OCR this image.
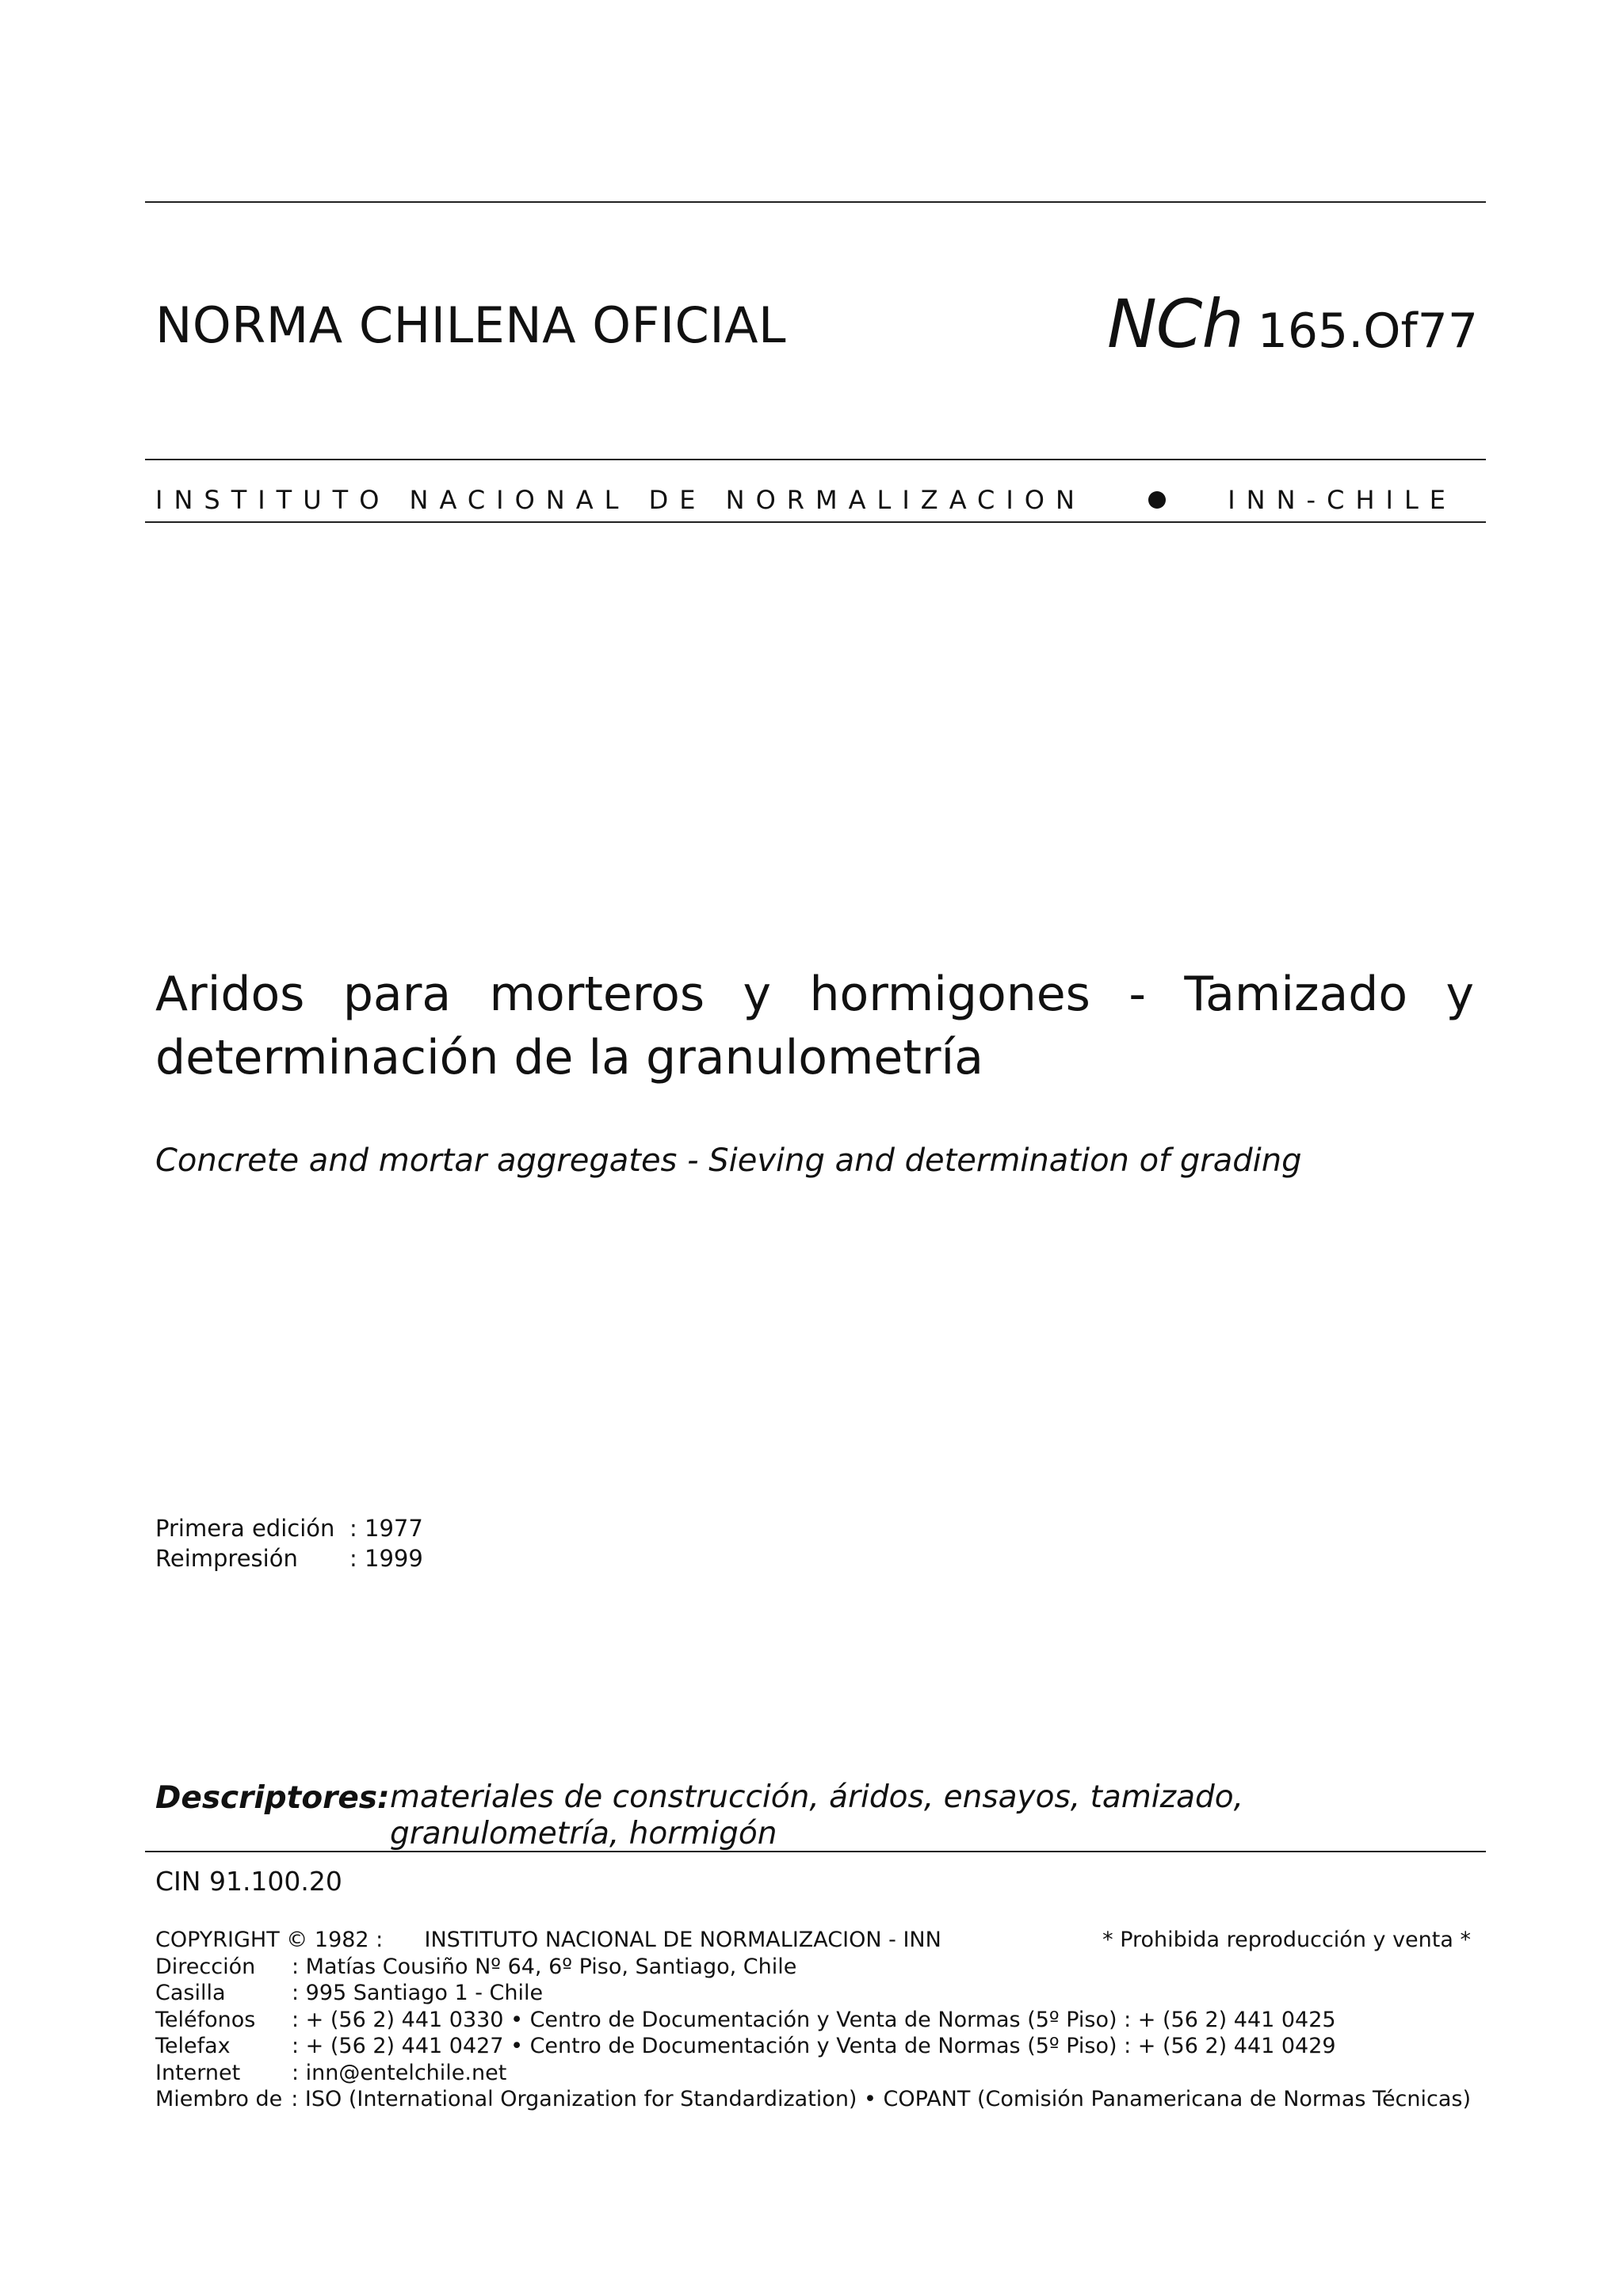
NORMA CHILENA OFICIAL	NCh 165.Of77
INSTITUTO NACIONAL DE NORMALIZACION	INN-CHILE
Aridos para morteros y hormigones - Tamizado y
determinación de la granulometría
Concrete and mortar aggregates - Sieving and determination of grading
Primera edición : 1977
Reimpresión	: 1999
Descriptores: materiales de construcción, áridos, ensayos, tamizado, granulometría, hormigón
CIN 91.100.20
COPYRIGHT © 1982 :	INSTITUTO NACIONAL DE NORMALIZACION - INN	* Prohibida reproducción y venta *
Dirección	: Matías Cousiño Nº 64, 6º Piso, Santiago, Chile
Casilla	: 995 Santiago 1 - Chile
Teléfonos	: + (56 2) 441 0330 • Centro de Documentación y Venta de Normas (5º Piso) : + (56 2) 441 0425
Telefax	: + (56 2) 441 0427 • Centro de Documentación y Venta de Normas (5º Piso) : + (56 2) 441 0429
Internet	: inn@entelchile.net
Miembro de : ISO (International Organization for Standardization) • COPANT (Comisión Panamericana de Normas Técnicas)
